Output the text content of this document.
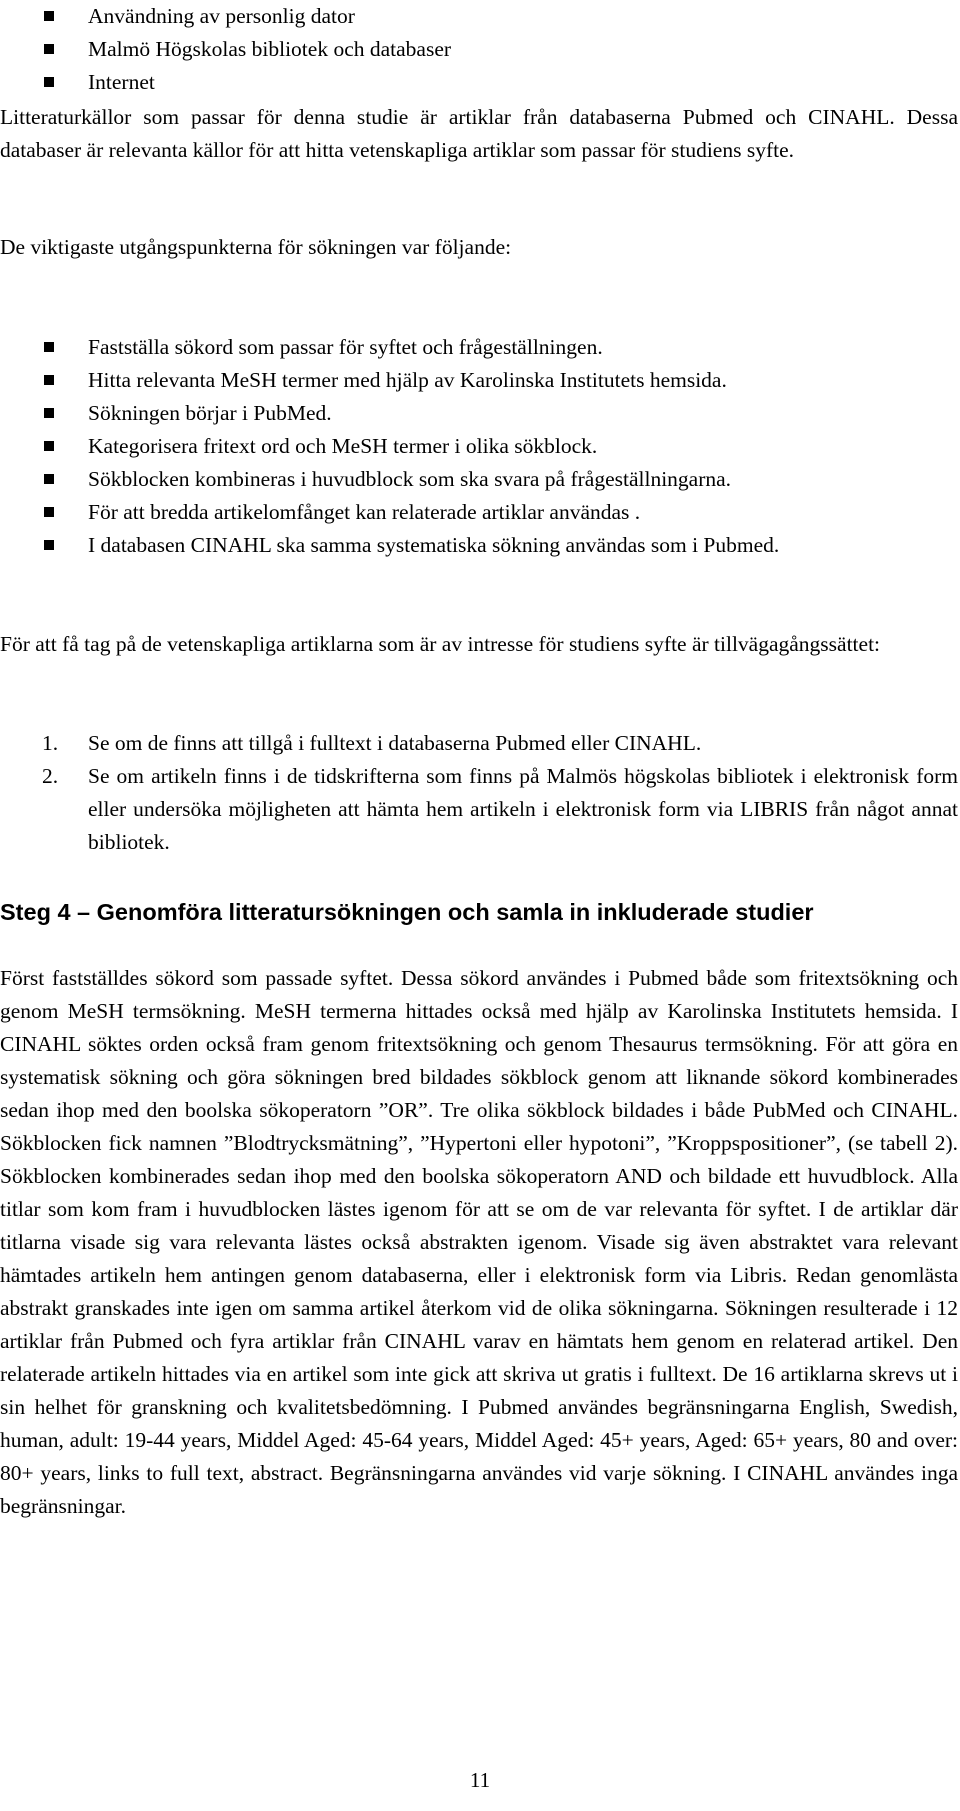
Användning av personlig dator
Malmö Högskolas bibliotek och databaser
Internet

Litteraturkällor som passar för denna studie är artiklar från databaserna Pubmed och CINAHL. Dessa databaser är relevanta källor för att hitta vetenskapliga artiklar som passar för studiens syfte.

De viktigaste utgångspunkterna för sökningen var följande:

Fastställa sökord som passar för syftet och frågeställningen.
Hitta relevanta MeSH termer med hjälp av Karolinska Institutets hemsida.
Sökningen börjar i PubMed.
Kategorisera fritext ord och MeSH termer i olika sökblock.
Sökblocken kombineras i huvudblock som ska svara på frågeställningarna.
För att bredda artikelomfånget kan relaterade artiklar användas .
I databasen CINAHL ska samma systematiska sökning användas som i Pubmed.

För att få tag på de vetenskapliga artiklarna som är av intresse för studiens syfte är tillvägagångssättet:

1. Se om de finns att tillgå i fulltext i databaserna Pubmed eller CINAHL.
2. Se om artikeln finns i de tidskrifterna som finns på Malmös högskolas bibliotek i elektronisk form eller undersöka möjligheten att hämta hem artikeln i elektronisk form via LIBRIS från något annat bibliotek.
Steg 4 – Genomföra litteratursökningen och samla in inkluderade studier

Först fastställdes sökord som passade syftet. Dessa sökord användes i Pubmed både som fritextsökning och genom MeSH termsökning. MeSH termerna hittades också med hjälp av Karolinska Institutets hemsida. I CINAHL söktes orden också fram genom fritextsökning och genom Thesaurus termsökning. För att göra en systematisk sökning och göra sökningen bred bildades sökblock genom att liknande sökord kombinerades sedan ihop med den boolska sökoperatorn ”OR”. Tre olika sökblock bildades i både PubMed och CINAHL. Sökblocken fick namnen ”Blodtrycksmätning”, ”Hypertoni eller hypotoni”, ”Kroppspositioner”, (se tabell 2). Sökblocken kombinerades sedan ihop med den boolska sökoperatorn AND och bildade ett huvudblock. Alla titlar som kom fram i huvudblocken lästes igenom för att se om de var relevanta för syftet. I de artiklar där titlarna visade sig vara relevanta lästes också abstrakten igenom. Visade sig även abstraktet vara relevant hämtades artikeln hem antingen genom databaserna, eller i elektronisk form via Libris. Redan genomlästa abstrakt granskades inte igen om samma artikel återkom vid de olika sökningarna. Sökningen resulterade i 12 artiklar från Pubmed och fyra artiklar från CINAHL varav en hämtats hem genom en relaterad artikel. Den relaterade artikeln hittades via en artikel som inte gick att skriva ut gratis i fulltext. De 16 artiklarna skrevs ut i sin helhet för granskning och kvalitetsbedömning. I Pubmed användes begränsningarna English, Swedish, human, adult: 19-44 years, Middel Aged: 45-64 years, Middel Aged: 45+ years, Aged: 65+ years, 80 and over: 80+ years, links to full text, abstract. Begränsningarna användes vid varje sökning. I CINAHL användes inga begränsningar.

11
